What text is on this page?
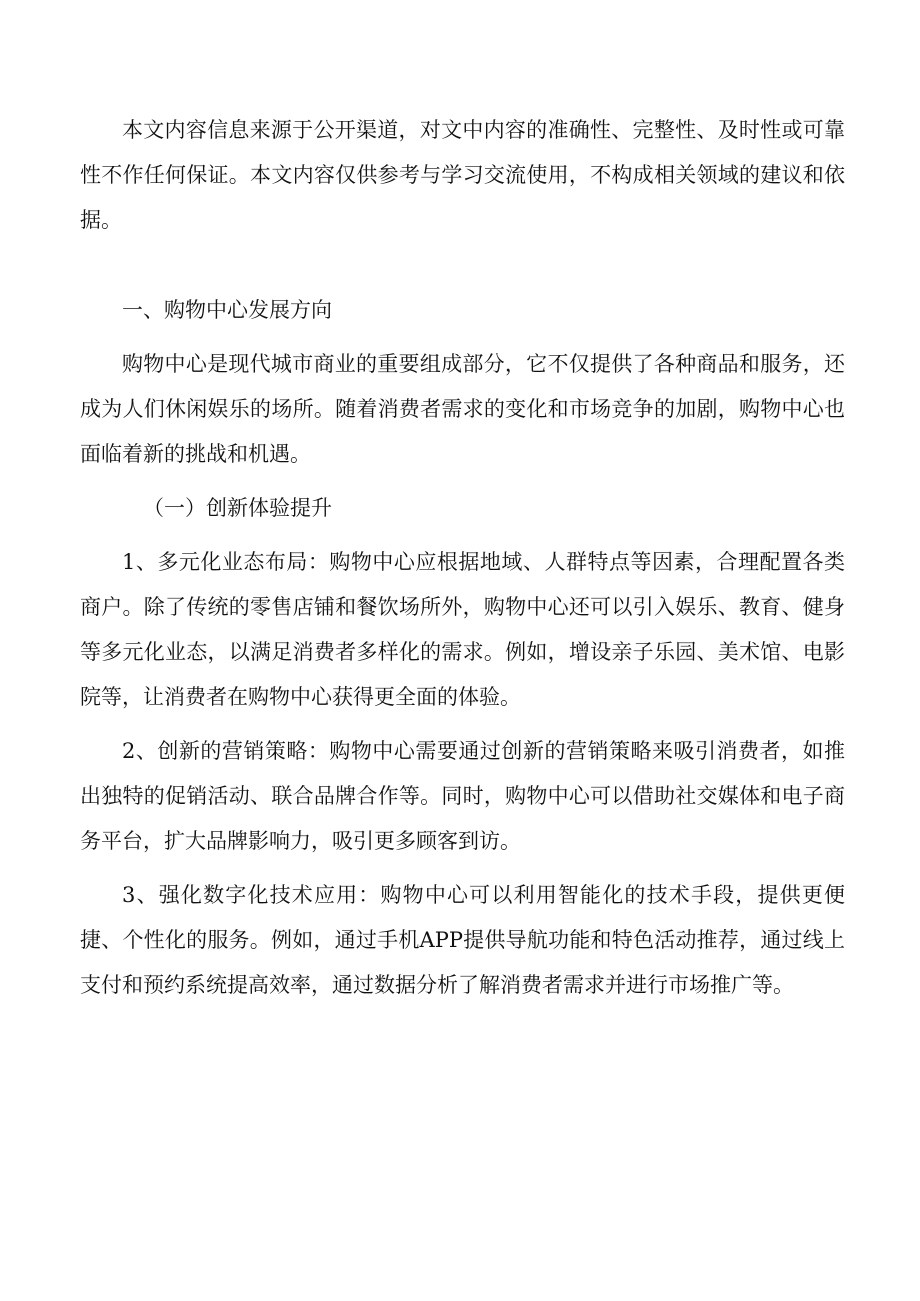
本文内容信息来源于公开渠道，对文中内容的准确性、完整性、及时性或可靠性不作任何保证。本文内容仅供参考与学习交流使用，不构成相关领域的建议和依据。

一、购物中心发展方向

购物中心是现代城市商业的重要组成部分，它不仅提供了各种商品和服务，还成为人们休闲娱乐的场所。随着消费者需求的变化和市场竞争的加剧，购物中心也面临着新的挑战和机遇。

（一）创新体验提升

1、多元化业态布局：购物中心应根据地域、人群特点等因素，合理配置各类商户。除了传统的零售店铺和餐饮场所外，购物中心还可以引入娱乐、教育、健身等多元化业态，以满足消费者多样化的需求。例如，增设亲子乐园、美术馆、电影院等，让消费者在购物中心获得更全面的体验。

2、创新的营销策略：购物中心需要通过创新的营销策略来吸引消费者，如推出独特的促销活动、联合品牌合作等。同时，购物中心可以借助社交媒体和电子商务平台，扩大品牌影响力，吸引更多顾客到访。

3、强化数字化技术应用：购物中心可以利用智能化的技术手段，提供更便捷、个性化的服务。例如，通过手机APP提供导航功能和特色活动推荐，通过线上支付和预约系统提高效率，通过数据分析了解消费者需求并进行市场推广等。
